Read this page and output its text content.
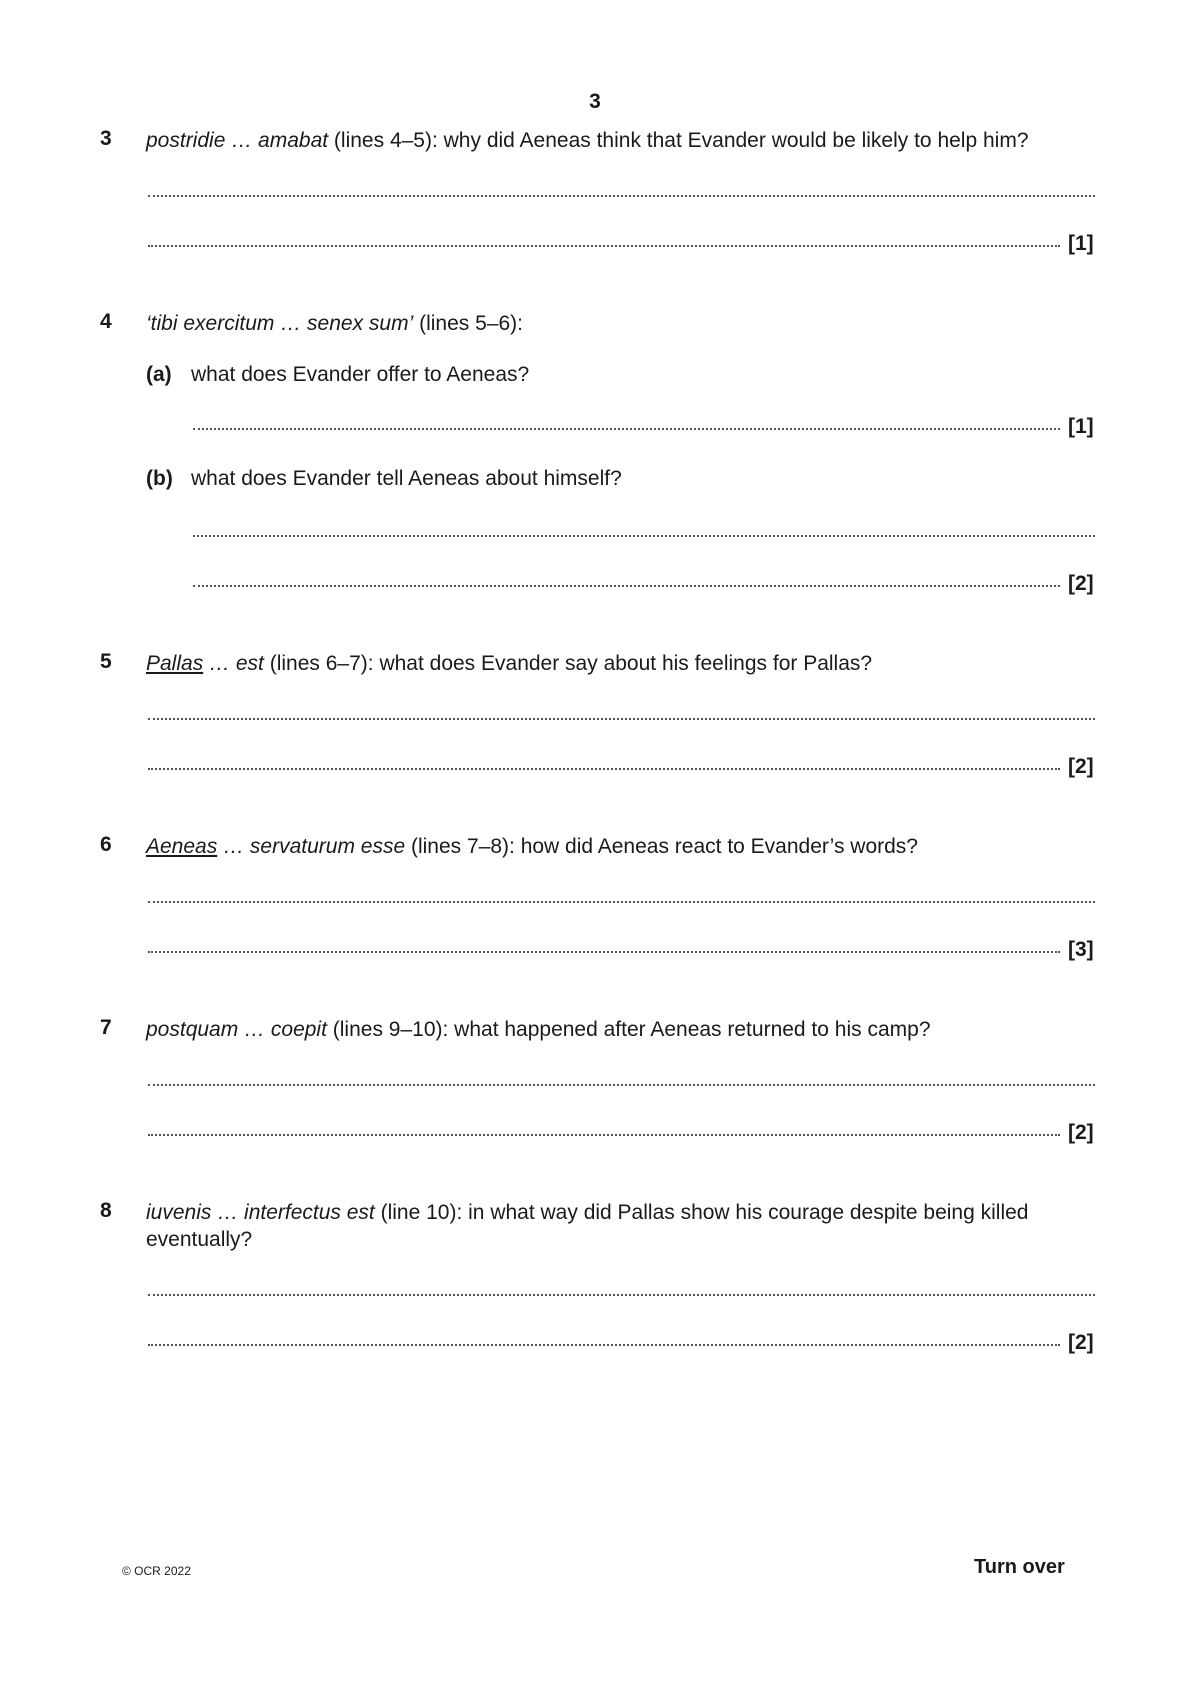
3
3 postridie … amabat (lines 4–5): why did Aeneas think that Evander would be likely to help him?
[1]
4 ‘tibi exercitum … senex sum’ (lines 5–6):
(a) what does Evander offer to Aeneas?
[1]
(b) what does Evander tell Aeneas about himself?
[2]
5 Pallas … est (lines 6–7): what does Evander say about his feelings for Pallas?
[2]
6 Aeneas … servaturum esse (lines 7–8): how did Aeneas react to Evander’s words?
[3]
7 postquam … coepit (lines 9–10): what happened after Aeneas returned to his camp?
[2]
8 iuvenis … interfectus est (line 10): in what way did Pallas show his courage despite being killed eventually?
[2]
© OCR 2022	Turn over
